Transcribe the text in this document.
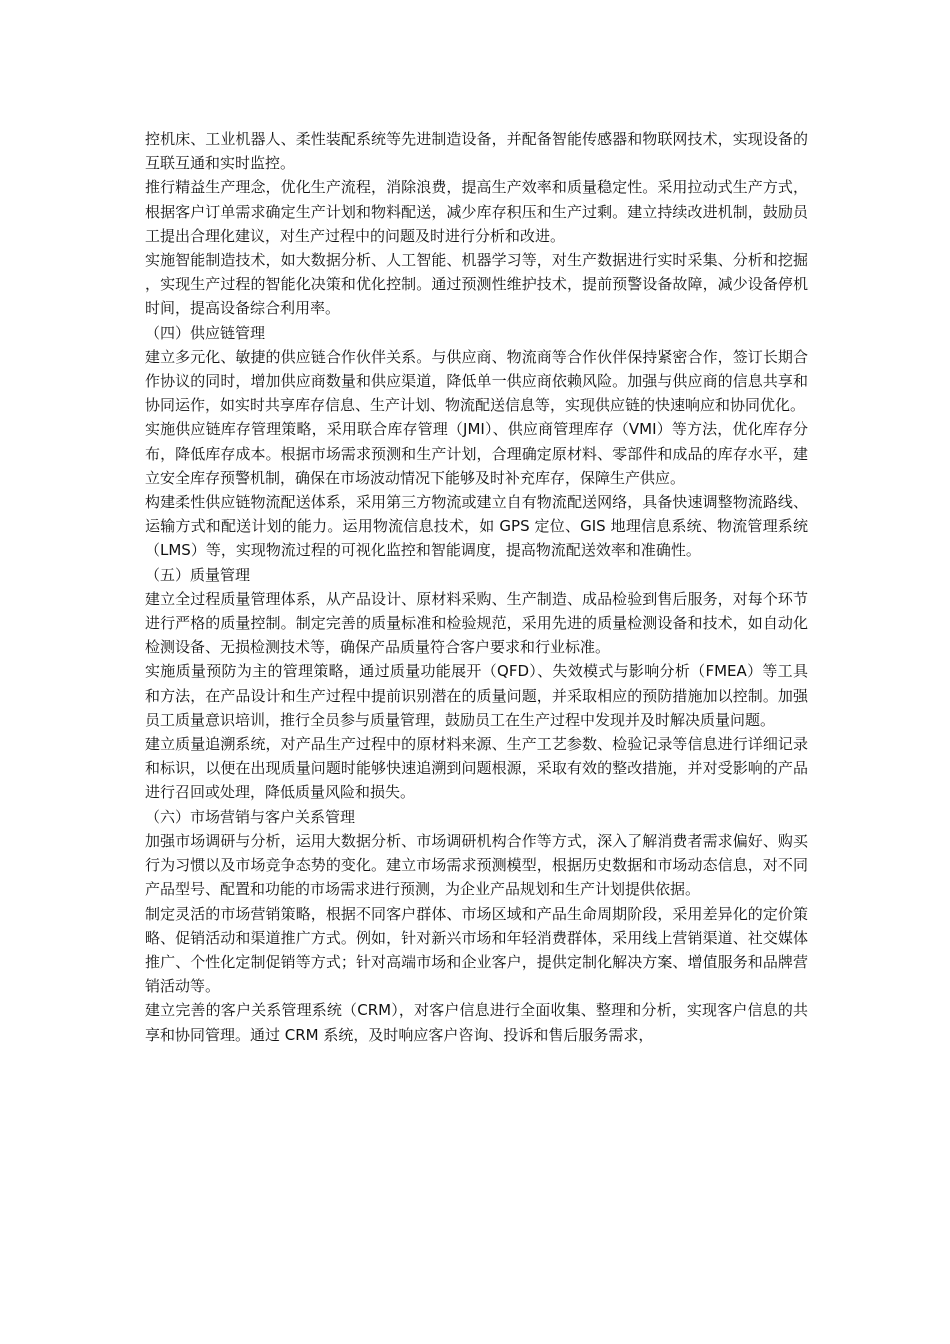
控机床、工业机器人、柔性装配系统等先进制造设备，并配备智能传感器和物联网技术，实现设备的互联互通和实时监控。

推行精益生产理念，优化生产流程，消除浪费，提高生产效率和质量稳定性。采用拉动式生产方式，根据客户订单需求确定生产计划和物料配送，减少库存积压和生产过剩。建立持续改进机制，鼓励员工提出合理化建议，对生产过程中的问题及时进行分析和改进。

实施智能制造技术，如大数据分析、人工智能、机器学习等，对生产数据进行实时采集、分析和挖掘，实现生产过程的智能化决策和优化控制。通过预测性维护技术，提前预警设备故障，减少设备停机时间，提高设备综合利用率。

（四）供应链管理

建立多元化、敏捷的供应链合作伙伴关系。与供应商、物流商等合作伙伴保持紧密合作，签订长期合作协议的同时，增加供应商数量和供应渠道，降低单一供应商依赖风险。加强与供应商的信息共享和协同运作，如实时共享库存信息、生产计划、物流配送信息等，实现供应链的快速响应和协同优化。

实施供应链库存管理策略，采用联合库存管理（JMI）、供应商管理库存（VMI）等方法，优化库存分布，降低库存成本。根据市场需求预测和生产计划，合理确定原材料、零部件和成品的库存水平，建立安全库存预警机制，确保在市场波动情况下能够及时补充库存，保障生产供应。

构建柔性供应链物流配送体系，采用第三方物流或建立自有物流配送网络，具备快速调整物流路线、运输方式和配送计划的能力。运用物流信息技术，如 GPS 定位、GIS 地理信息系统、物流管理系统（LMS）等，实现物流过程的可视化监控和智能调度，提高物流配送效率和准确性。

（五）质量管理

建立全过程质量管理体系，从产品设计、原材料采购、生产制造、成品检验到售后服务，对每个环节进行严格的质量控制。制定完善的质量标准和检验规范，采用先进的质量检测设备和技术，如自动化检测设备、无损检测技术等，确保产品质量符合客户要求和行业标准。

实施质量预防为主的管理策略，通过质量功能展开（QFD）、失效模式与影响分析（FMEA）等工具和方法，在产品设计和生产过程中提前识别潜在的质量问题，并采取相应的预防措施加以控制。加强员工质量意识培训，推行全员参与质量管理，鼓励员工在生产过程中发现并及时解决质量问题。

建立质量追溯系统，对产品生产过程中的原材料来源、生产工艺参数、检验记录等信息进行详细记录和标识，以便在出现质量问题时能够快速追溯到问题根源，采取有效的整改措施，并对受影响的产品进行召回或处理，降低质量风险和损失。

（六）市场营销与客户关系管理

加强市场调研与分析，运用大数据分析、市场调研机构合作等方式，深入了解消费者需求偏好、购买行为习惯以及市场竞争态势的变化。建立市场需求预测模型，根据历史数据和市场动态信息，对不同产品型号、配置和功能的市场需求进行预测，为企业产品规划和生产计划提供依据。

制定灵活的市场营销策略，根据不同客户群体、市场区域和产品生命周期阶段，采用差异化的定价策略、促销活动和渠道推广方式。例如，针对新兴市场和年轻消费群体，采用线上营销渠道、社交媒体推广、个性化定制促销等方式；针对高端市场和企业客户，提供定制化解决方案、增值服务和品牌营销活动等。

建立完善的客户关系管理系统（CRM），对客户信息进行全面收集、整理和分析，实现客户信息的共享和协同管理。通过 CRM 系统，及时响应客户咨询、投诉和售后服务需求，
